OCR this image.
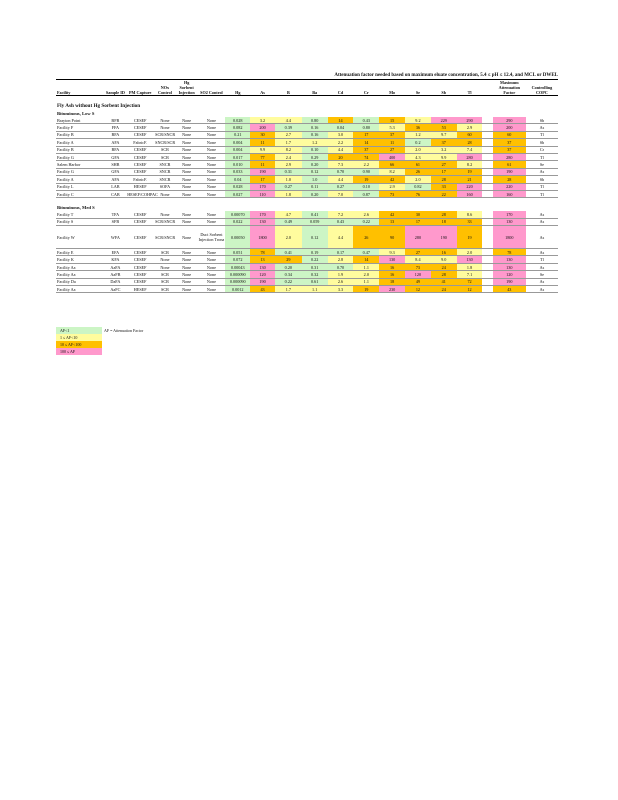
Attenuation factor needed based on maximum eluate concentration, 5.4 ≤ pH ≤ 12.4, and MCL or DWEL
Facility	Sample ID	PM Capture	NOx Control	Hg Sorbent Injection	SO2 Control	Hg	As	B	Ba	Cd	Cr	Mo	Se	Sb	Tl		Maximum Attenuation Factor	Controlling COPC

Fly Ash without Hg Sorbent Injection																		
Bituminous, Low S																		
Brayton Point	BFB	CESEF	None	None	None	0.028	3.2	4.4	0.80	14	0.43	15	9.2	229	290		290	Sb
Facility F	FFA	CESEF	None	None	None	0.082	200	0.39	0.16	0.04	0.80	5.3	36	53	2.9		200	As
Facility B	BFA	CESEF	SCR/SNCR	None	None	0.21	30	2.7	0.16	3.0	17	37	1.2	9.7	60		60	Tl
Facility A	AFA	FabricF.	SNCR/SCR	None	None	0.004	11	1.7	1.2	2.2	14	11	0.2	37	28		37	Sb
Facility B	BFA	CESEF	SCR	None	None	0.004	9.9	8.2	0.10	4.4	37	27	2.0	3.2	7.4		37	Cr
Facility G	GFA	CESEF	SCR	None	None	0.017	77	2.4	0.29	20	74	400	4.3	9.9	280		280	Tl
Salem Harbor	SHB	CESEF	SNCR	None	None	0.010	11	2.9	0.20	7.3	2.2	66	61	27	8.2		61	Se
Facility G	GFA	CESEF	SNCR	None	None	0.033	190	0.31	0.12	0.70	0.90	8.2	26	17	19		190	As
Facility A	AFA	FabricF.	SNCR	None	None	0.04	17	1.0	1.0	4.4	19	42	2.0	28	21		28	Sb
Facility L	LAB	HESEF	SOFA	None	None	0.028	170	0.27	0.11	0.27	0.10	2.9	0.82	33	220		220	Tl
Facility C	CAB	HESEF/COHPAC	None	None	None	0.027	110	1.8	0.20	7.0	0.87	73	76	22	160		160	Tl

Bituminous, Med S																		
Facility T	TFA	CESEF	None	None	None	0.00070	170	4.7	0.41	7.2	2.6	42	30	28	8.6		170	As
Facility S	SFB	CESEF	SCR/SNCR	None	None	0.022	130	0.49	0.059	0.43	0.22	13	17	18	33		130	As
Facility W	WFA	CESEF	SCR/SNCR	None	Duct Sorbent Injection Trona	0.00050	1800	2.0	0.12	4.4	26	90	280	190	19		1800	As
Facility E	EFA	CESEF	SCR	None	None	0.051	78	0.41	0.19	0.17	0.47	9.3	27	16	2.0		78	As
Facility K	KFA	CESEF	None	None	None	0.072	13	29	0.22	2.8	14	130	8.4	9.0	130		130	Tl
Facility Aa	AaFA	CESEF	None	None	None	0.00043	130	0.20	0.31	0.70	1.1	16	73	24	1.8		130	As
Facility Aa	AaFB	CESEF	SCR	None	None	0.000090	120	0.34	0.32	1.9	2.0	16	120	28	7.1		120	Se
Facility Da	DaFA	CESEF	SCR	None	None	0.000090	190	0.22	0.61	2.6	1.1	18	49	41	72		190	As
Facility Aa	AaFC	HESEF	SCR	None	None	0.0012	43	1.7	1.1	3.3	19	230	12	24	12		43	As
AF<1	AF = Attenuation Factor
1 ≤ AF<10
10 ≤ AF<100
100 ≤ AF
